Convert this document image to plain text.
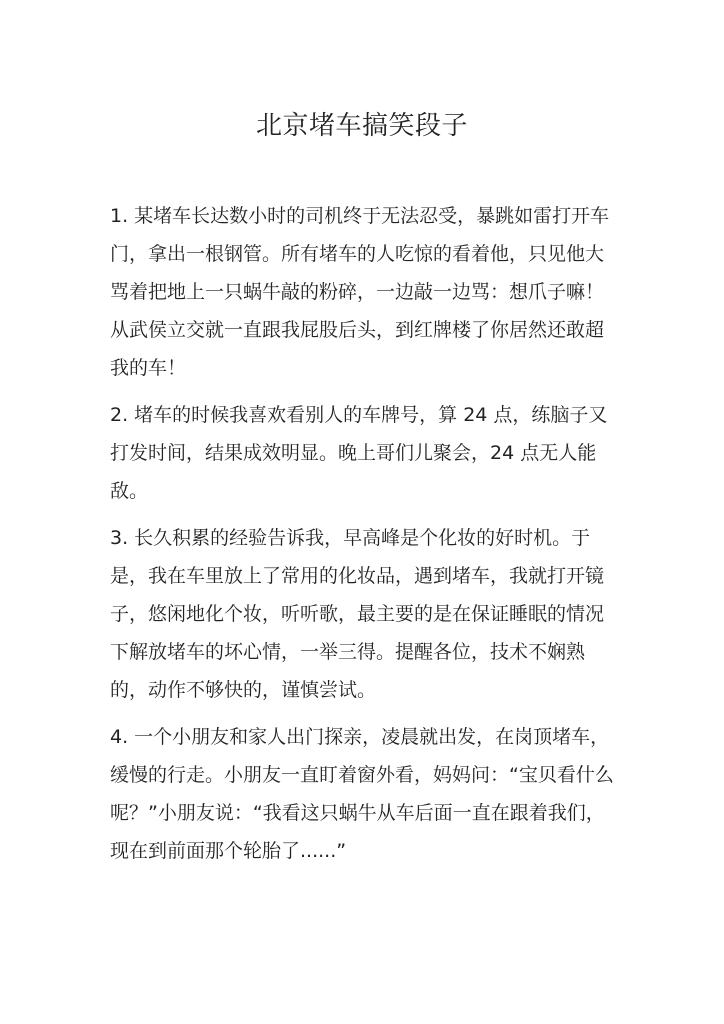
北京堵车搞笑段子

1. 某堵车长达数小时的司机终于无法忍受，暴跳如雷打开车门，拿出一根钢管。所有堵车的人吃惊的看着他，只见他大骂着把地上一只蜗牛敲的粉碎，一边敲一边骂：想爪子嘛！从武侯立交就一直跟我屁股后头，到红牌楼了你居然还敢超我的车！

2. 堵车的时候我喜欢看别人的车牌号，算 24 点，练脑子又打发时间，结果成效明显。晚上哥们儿聚会，24 点无人能敌。

3. 长久积累的经验告诉我，早高峰是个化妆的好时机。于是，我在车里放上了常用的化妆品，遇到堵车，我就打开镜子，悠闲地化个妆，听听歌，最主要的是在保证睡眠的情况下解放堵车的坏心情，一举三得。提醒各位，技术不娴熟的，动作不够快的，谨慎尝试。

4. 一个小朋友和家人出门探亲，凌晨就出发，在岗顶堵车，缓慢的行走。小朋友一直盯着窗外看，妈妈问：“宝贝看什么呢？”小朋友说：“我看这只蜗牛从车后面一直在跟着我们，现在到前面那个轮胎了......”
